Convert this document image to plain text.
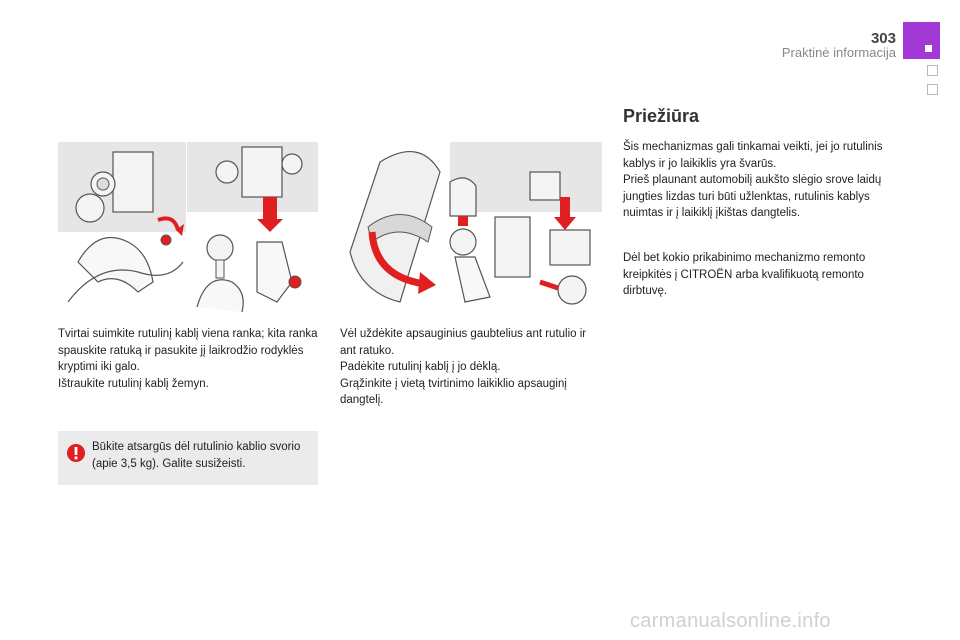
303
Praktinė informacija

Tvirtai suimkite rutulinį kablį viena ranka; kita ranka spauskite ratuką ir pasukite jį laikrodžio rodyklės kryptimi iki galo.

Ištraukite rutulinį kablį žemyn.

Būkite atsargūs dėl rutulinio kablio svorio (apie 3,5 kg). Galite susižeisti.

Vėl uždėkite apsauginius gaubtelius ant rutulio ir ant ratuko.

Padėkite rutulinį kablį į jo dėklą.

Grąžinkite į vietą tvirtinimo laikiklio apsauginį dangtelį.

Priežiūra

Šis mechanizmas gali tinkamai veikti, jei jo rutulinis kablys ir jo laikiklis yra švarūs.

Prieš plaunant automobilį aukšto slėgio srove laidų jungties lizdas turi būti užlenktas, rutulinis kablys nuimtas ir į laikiklį įkištas dangtelis.

Dėl bet kokio prikabinimo mechanizmo remonto kreipkitės į CITROËN arba kvalifikuotą remonto dirbtuvę.

carmanualsonline.info
